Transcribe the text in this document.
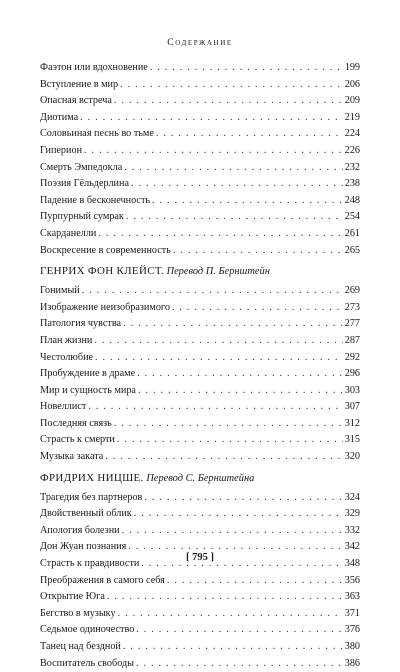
Содержание
Фаэтон или вдохновение . . .	199
Вступление в мир . . .	206
Опасная встреча . . .	209
Диотима . . .	219
Соловьиная песнь во тьме . . .	224
Гиперион . . .	226
Смерть Эмпедокла . . .	232
Поэзия Гёльдерлина . . .	238
Падение в бесконечность . . .	248
Пурпурный сумрак . . .	254
Скарданелли . . .	261
Воскресение в современность . . .	265
ГЕНРИХ ФОН КЛЕЙСТ. Перевод П. Бернштейн
Гонимый . . .	269
Изображение неизобразимого . . .	273
Патология чувства . . .	277
План жизни . . .	287
Честолюбие . . .	292
Пробуждение в драме . . .	296
Мир и сущность мира . . .	303
Новеллист . . .	307
Последняя связь . . .	312
Страсть к смерти . . .	315
Музыка заката . . .	320
ФРИДРИХ НИЦШЕ. Перевод С. Бернштейна
Трагедия без партнеров . . .	324
Двойственный облик . . .	329
Апология болезни . . .	332
Дон Жуан познания . . .	342
Страсть к правдивости . . .	348
Преображения в самого себя . . .	356
Открытие Юга . . .	363
Бегство в музыку . . .	371
Седьмое одиночество . . .	376
Танец над бездной . . .	380
Воспитатель свободы . . .	386
[ 795 ]
